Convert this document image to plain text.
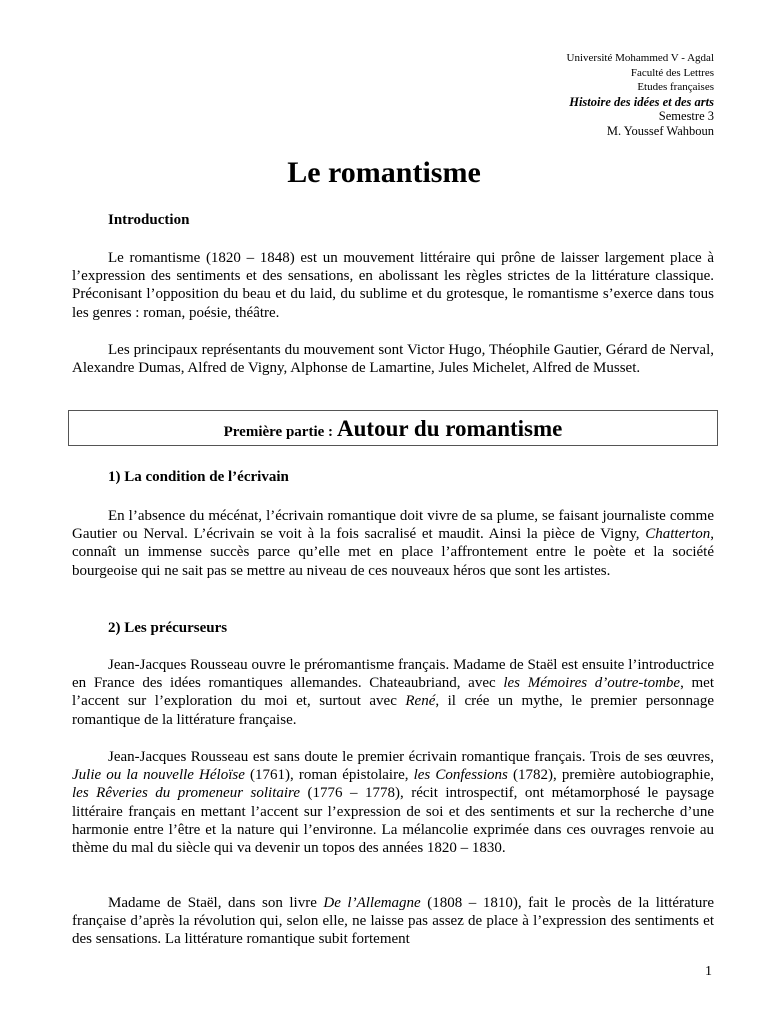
Université Mohammed V - Agdal
Faculté des Lettres
Etudes françaises
Histoire des idées et des arts
Semestre 3
M. Youssef Wahboun
Le romantisme
Introduction

Le romantisme (1820 – 1848) est un mouvement littéraire qui prône de laisser largement place à l’expression des sentiments et des sensations, en abolissant les règles strictes de la littérature classique. Préconisant l’opposition du beau et du laid, du sublime et du grotesque, le romantisme s’exerce dans tous les genres : roman, poésie, théâtre.

Les principaux représentants du mouvement sont Victor Hugo, Théophile Gautier, Gérard de Nerval, Alexandre Dumas, Alfred de Vigny, Alphonse de Lamartine, Jules Michelet, Alfred de Musset.

Première partie : Autour du romantisme
1) La condition de l’écrivain

En l’absence du mécénat, l’écrivain romantique doit vivre de sa plume, se faisant journaliste comme Gautier ou Nerval. L’écrivain se voit à la fois sacralisé et maudit. Ainsi la pièce de Vigny, Chatterton, connaît un immense succès parce qu’elle met en place l’affrontement entre le poète et la société bourgeoise qui ne sait pas se mettre au niveau de ces nouveaux héros que sont les artistes.

2) Les précurseurs

Jean-Jacques Rousseau ouvre le préromantisme français. Madame de Staël est ensuite l’introductrice en France des idées romantiques allemandes. Chateaubriand, avec les Mémoires d’outre-tombe, met l’accent sur l’exploration du moi et, surtout avec René, il crée un mythe, le premier personnage romantique de la littérature française.

Jean-Jacques Rousseau est sans doute le premier écrivain romantique français. Trois de ses œuvres, Julie ou la nouvelle Héloïse (1761), roman épistolaire, les Confessions (1782), première autobiographie, les Rêveries du promeneur solitaire (1776 – 1778), récit introspectif, ont métamorphosé le paysage littéraire français en mettant l’accent sur l’expression de soi et des sentiments et sur la recherche d’une harmonie entre l’être et la nature qui l’environne. La mélancolie exprimée dans ces ouvrages renvoie au thème du mal du siècle qui va devenir un topos des années 1820 – 1830.

Madame de Staël, dans son livre De l’Allemagne (1808 – 1810), fait le procès de la littérature française d’après la révolution qui, selon elle, ne laisse pas assez de place à l’expression des sentiments et des sensations. La littérature romantique subit fortement

1
